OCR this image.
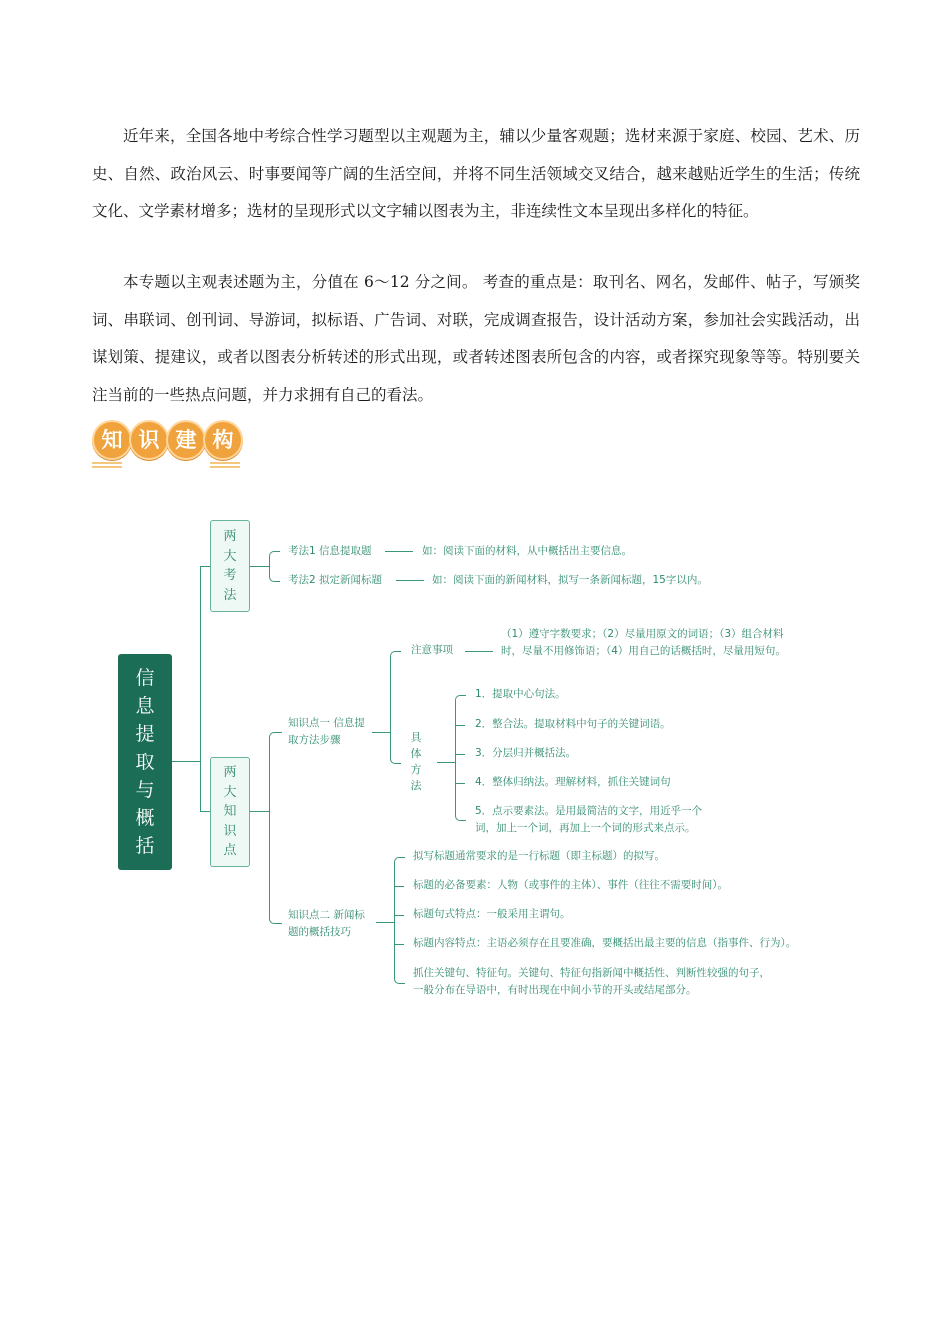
近年来，全国各地中考综合性学习题型以主观题为主，辅以少量客观题；选材来源于家庭、校园、艺术、历史、自然、政治风云、时事要闻等广阔的生活空间，并将不同生活领域交叉结合，越来越贴近学生的生活；传统文化、文学素材增多；选材的呈现形式以文字辅以图表为主，非连续性文本呈现出多样化的特征。

本专题以主观表述题为主，分值在 6～12 分之间。 考查的重点是：取刊名、网名，发邮件、帖子，写颁奖词、串联词、创刊词、导游词，拟标语、广告词、对联，完成调查报告，设计活动方案，参加社会实践活动，出谋划策、提建议，或者以图表分析转述的形式出现，或者转述图表所包含的内容，或者探究现象等等。特别要关注当前的一些热点问题，并力求拥有自己的看法。

知 识 建 构
信
息
提
取
与
概
括
两
大
考
法
考法1 信息提取题	如：阅读下面的材料，从中概括出主要信息。
考法2 拟定新闻标题	如：阅读下面的新闻材料，拟写一条新闻标题，15字以内。
两
大
知
识
点
知识点一 信息提取方法步骤
注意事项
（1）遵守字数要求；（2）尽量用原文的词语；（3）组合材料时，尽量不用修饰语；（4）用自己的话概括时，尽量用短句。
具
体
方
法
1．提取中心句法。
2．整合法。提取材料中句子的关键词语。
3．分层归并概括法。
4．整体归纳法。理解材料，抓住关键词句
5．点示要素法。是用最简洁的文字，用近乎一个词，加上一个词，再加上一个词的形式来点示。
知识点二 新闻标题的概括技巧
拟写标题通常要求的是一行标题（即主标题）的拟写。
标题的必备要素：人物（或事件的主体）、事件（往往不需要时间）。
标题句式特点：一般采用主谓句。
标题内容特点：主语必须存在且要准确，要概括出最主要的信息（指事件、行为）。
抓住关键句、特征句。关键句、特征句指新闻中概括性、判断性较强的句子，一般分布在导语中，有时出现在中间小节的开头或结尾部分。
